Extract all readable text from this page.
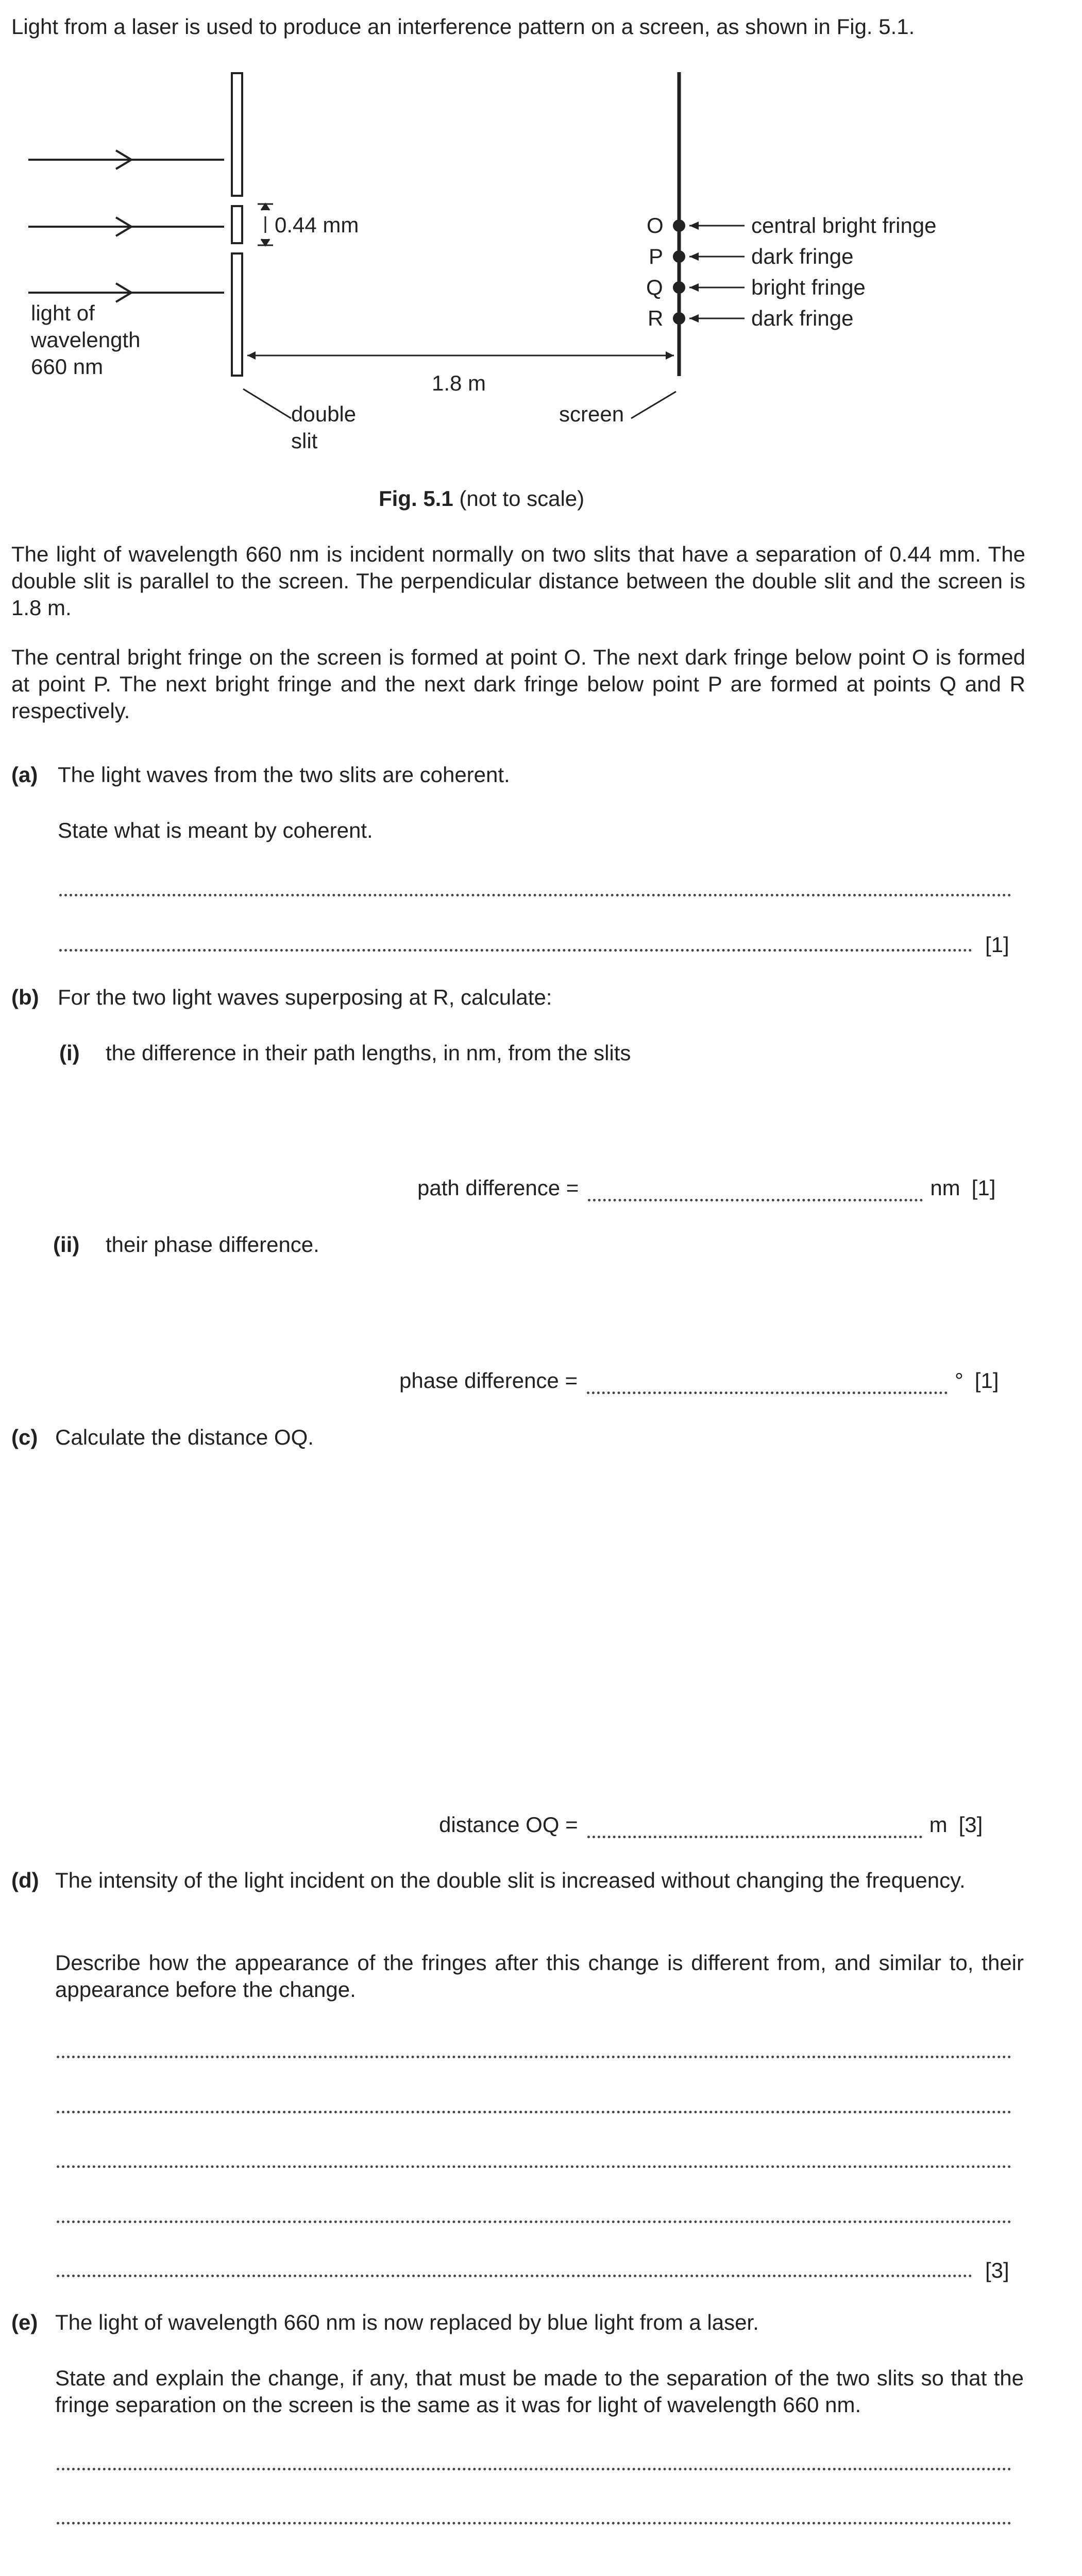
Light from a laser is used to produce an interference pattern on a screen, as shown in Fig. 5.1.
0.44 mm
light of
wavelength
660 nm
1.8 m
double
slit
screen
O	central bright fringe
P	dark fringe
Q	bright fringe
R	dark fringe
Fig. 5.1 (not to scale)
The light of wavelength 660 nm is incident normally on two slits that have a separation of 0.44 mm. The double slit is parallel to the screen. The perpendicular distance between the double slit and the screen is 1.8 m.
The central bright fringe on the screen is formed at point O. The next dark fringe below point O is formed at point P. The next bright fringe and the next dark fringe below point P are formed at points Q and R respectively.
(a) The light waves from the two slits are coherent.
State what is meant by coherent.
[1]
(b) For the two light waves superposing at R, calculate:
(i) the difference in their path lengths, in nm, from the slits
path difference =	nm [1]
(ii) their phase difference.
phase difference =	° [1]
(c) Calculate the distance OQ.
distance OQ =	m [3]
(d) The intensity of the light incident on the double slit is increased without changing the frequency.
Describe how the appearance of the fringes after this change is different from, and similar to, their appearance before the change.
[3]
(e) The light of wavelength 660 nm is now replaced by blue light from a laser.
State and explain the change, if any, that must be made to the separation of the two slits so that the fringe separation on the screen is the same as it was for light of wavelength 660 nm.
